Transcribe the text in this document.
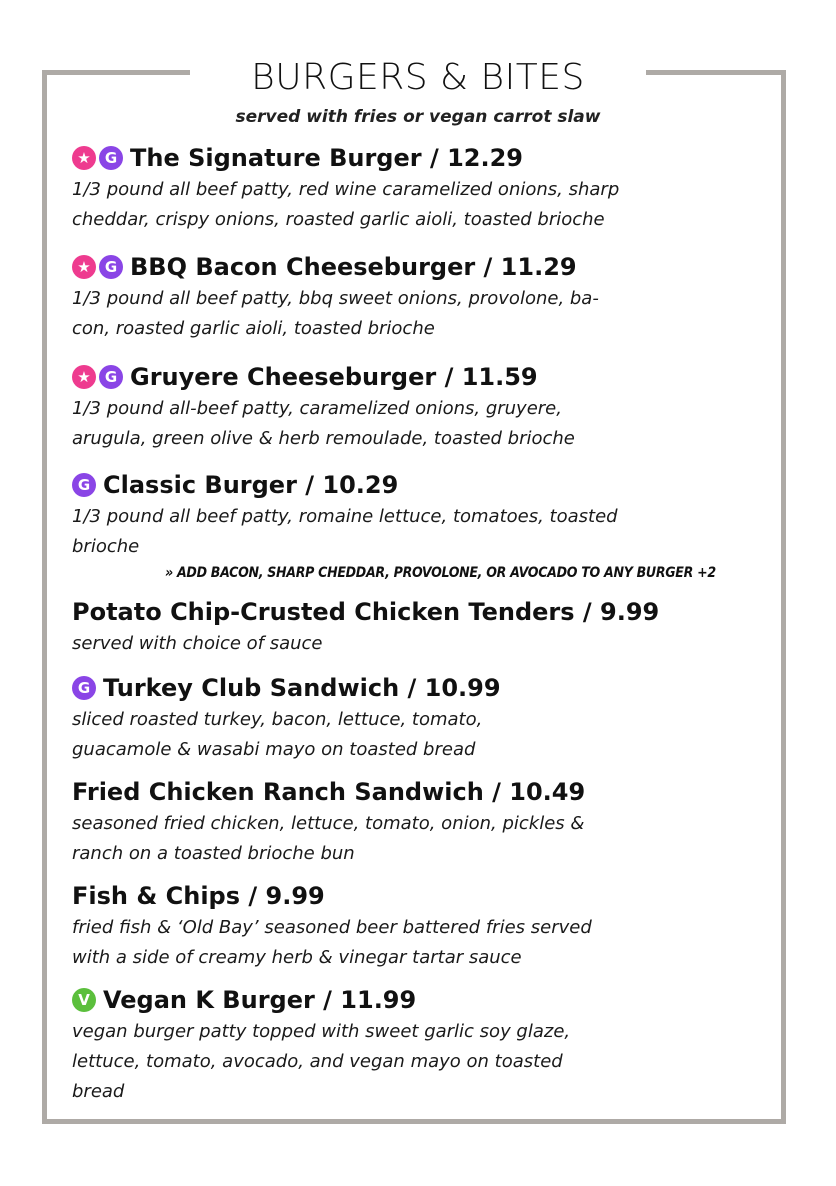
BURGERS & BITES
served with fries or vegan carrot slaw
★ G The Signature Burger / 12.29
1/3 pound all beef patty, red wine caramelized onions, sharp
cheddar, crispy onions, roasted garlic aioli, toasted brioche
★ G BBQ Bacon Cheeseburger / 11.29
1/3 pound all beef patty, bbq sweet onions, provolone, ba-
con, roasted garlic aioli, toasted brioche
★ G Gruyere Cheeseburger / 11.59
1/3 pound all-beef patty, caramelized onions, gruyere,
arugula, green olive & herb remoulade, toasted brioche
G Classic Burger / 10.29
1/3 pound all beef patty, romaine lettuce, tomatoes, toasted
brioche
Potato Chip-Crusted Chicken Tenders / 9.99
served with choice of sauce
G Turkey Club Sandwich / 10.99
sliced roasted turkey, bacon, lettuce, tomato,
guacamole & wasabi mayo on toasted bread
Fried Chicken Ranch Sandwich / 10.49
seasoned fried chicken, lettuce, tomato, onion, pickles &
ranch on a toasted brioche bun
Fish & Chips / 9.99
fried fish & ‘Old Bay’ seasoned beer battered fries served
with a side of creamy herb & vinegar tartar sauce
V Vegan K Burger / 11.99
vegan burger patty topped with sweet garlic soy glaze,
lettuce, tomato, avocado, and vegan mayo on toasted
bread
» ADD BACON, SHARP CHEDDAR, PROVOLONE, OR AVOCADO TO ANY BURGER +2
